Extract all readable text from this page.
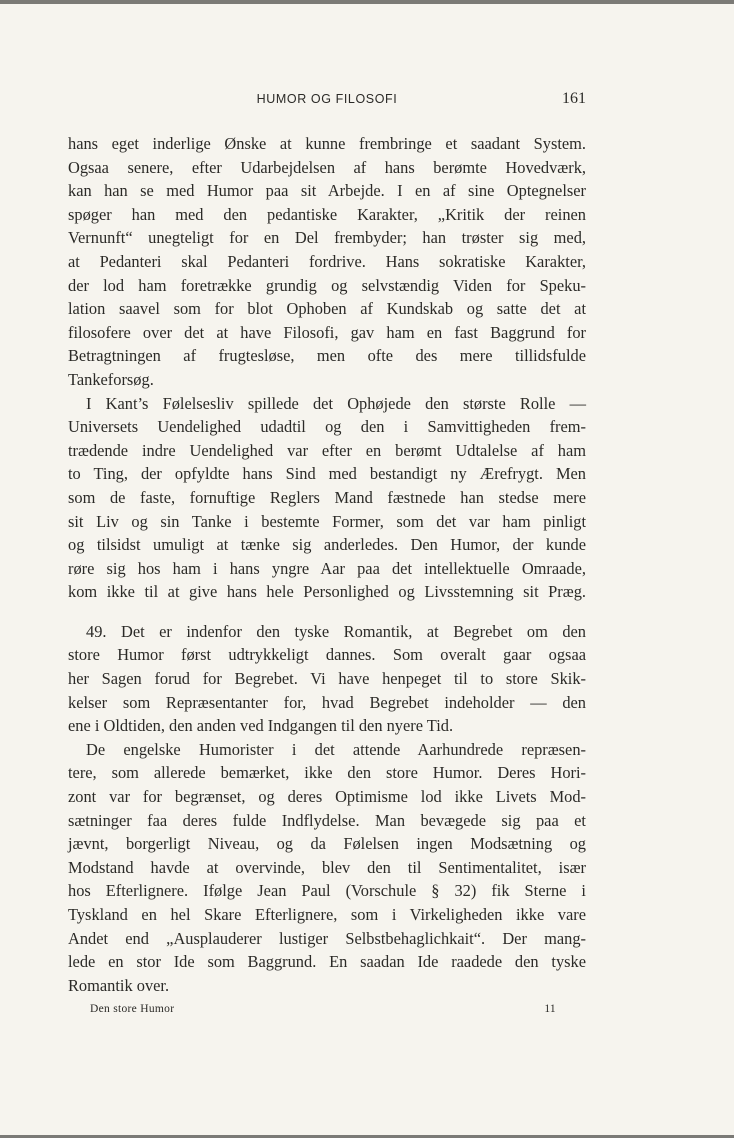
HUMOR OG FILOSOFI	161
hans eget inderlige Ønske at kunne frembringe et saadant System.
Ogsaa senere, efter Udarbejdelsen af hans berømte Hovedværk,
kan han se med Humor paa sit Arbejde. I en af sine Optegnelser
spøger han med den pedantiske Karakter, „Kritik der reinen
Vernunft“ unegteligt for en Del frembyder; han trøster sig med,
at Pedanteri skal Pedanteri fordrive. Hans sokratiske Karakter,
der lod ham foretrække grundig og selvstændig Viden for Speku-
lation saavel som for blot Ophoben af Kundskab og satte det at
filosofere over det at have Filosofi, gav ham en fast Baggrund for
Betragtningen af frugtesløse, men ofte des mere tillidsfulde
Tankeforsøg.
I Kant’s Følelsesliv spillede det Ophøjede den største Rolle —
Universets Uendelighed udadtil og den i Samvittigheden frem-
trædende indre Uendelighed var efter en berømt Udtalelse af ham
to Ting, der opfyldte hans Sind med bestandigt ny Ærefrygt. Men
som de faste, fornuftige Reglers Mand fæstnede han stedse mere
sit Liv og sin Tanke i bestemte Former, som det var ham pinligt
og tilsidst umuligt at tænke sig anderledes. Den Humor, der kunde
røre sig hos ham i hans yngre Aar paa det intellektuelle Omraade,
kom ikke til at give hans hele Personlighed og Livsstemning sit Præg.
49. Det er indenfor den tyske Romantik, at Begrebet om den
store Humor først udtrykkeligt dannes. Som overalt gaar ogsaa
her Sagen forud for Begrebet. Vi have henpeget til to store Skik-
kelser som Repræsentanter for, hvad Begrebet indeholder — den
ene i Oldtiden, den anden ved Indgangen til den nyere Tid.
De engelske Humorister i det attende Aarhundrede repræsen-
tere, som allerede bemærket, ikke den store Humor. Deres Hori-
zont var for begrænset, og deres Optimisme lod ikke Livets Mod-
sætninger faa deres fulde Indflydelse. Man bevægede sig paa et
jævnt, borgerligt Niveau, og da Følelsen ingen Modsætning og
Modstand havde at overvinde, blev den til Sentimentalitet, især
hos Efterlignere. Ifølge Jean Paul (Vorschule § 32) fik Sterne i
Tyskland en hel Skare Efterlignere, som i Virkeligheden ikke vare
Andet end „Ausplauderer lustiger Selbstbehaglichkait“. Der mang-
lede en stor Ide som Baggrund. En saadan Ide raadede den tyske
Romantik over.
Den store Humor	11
